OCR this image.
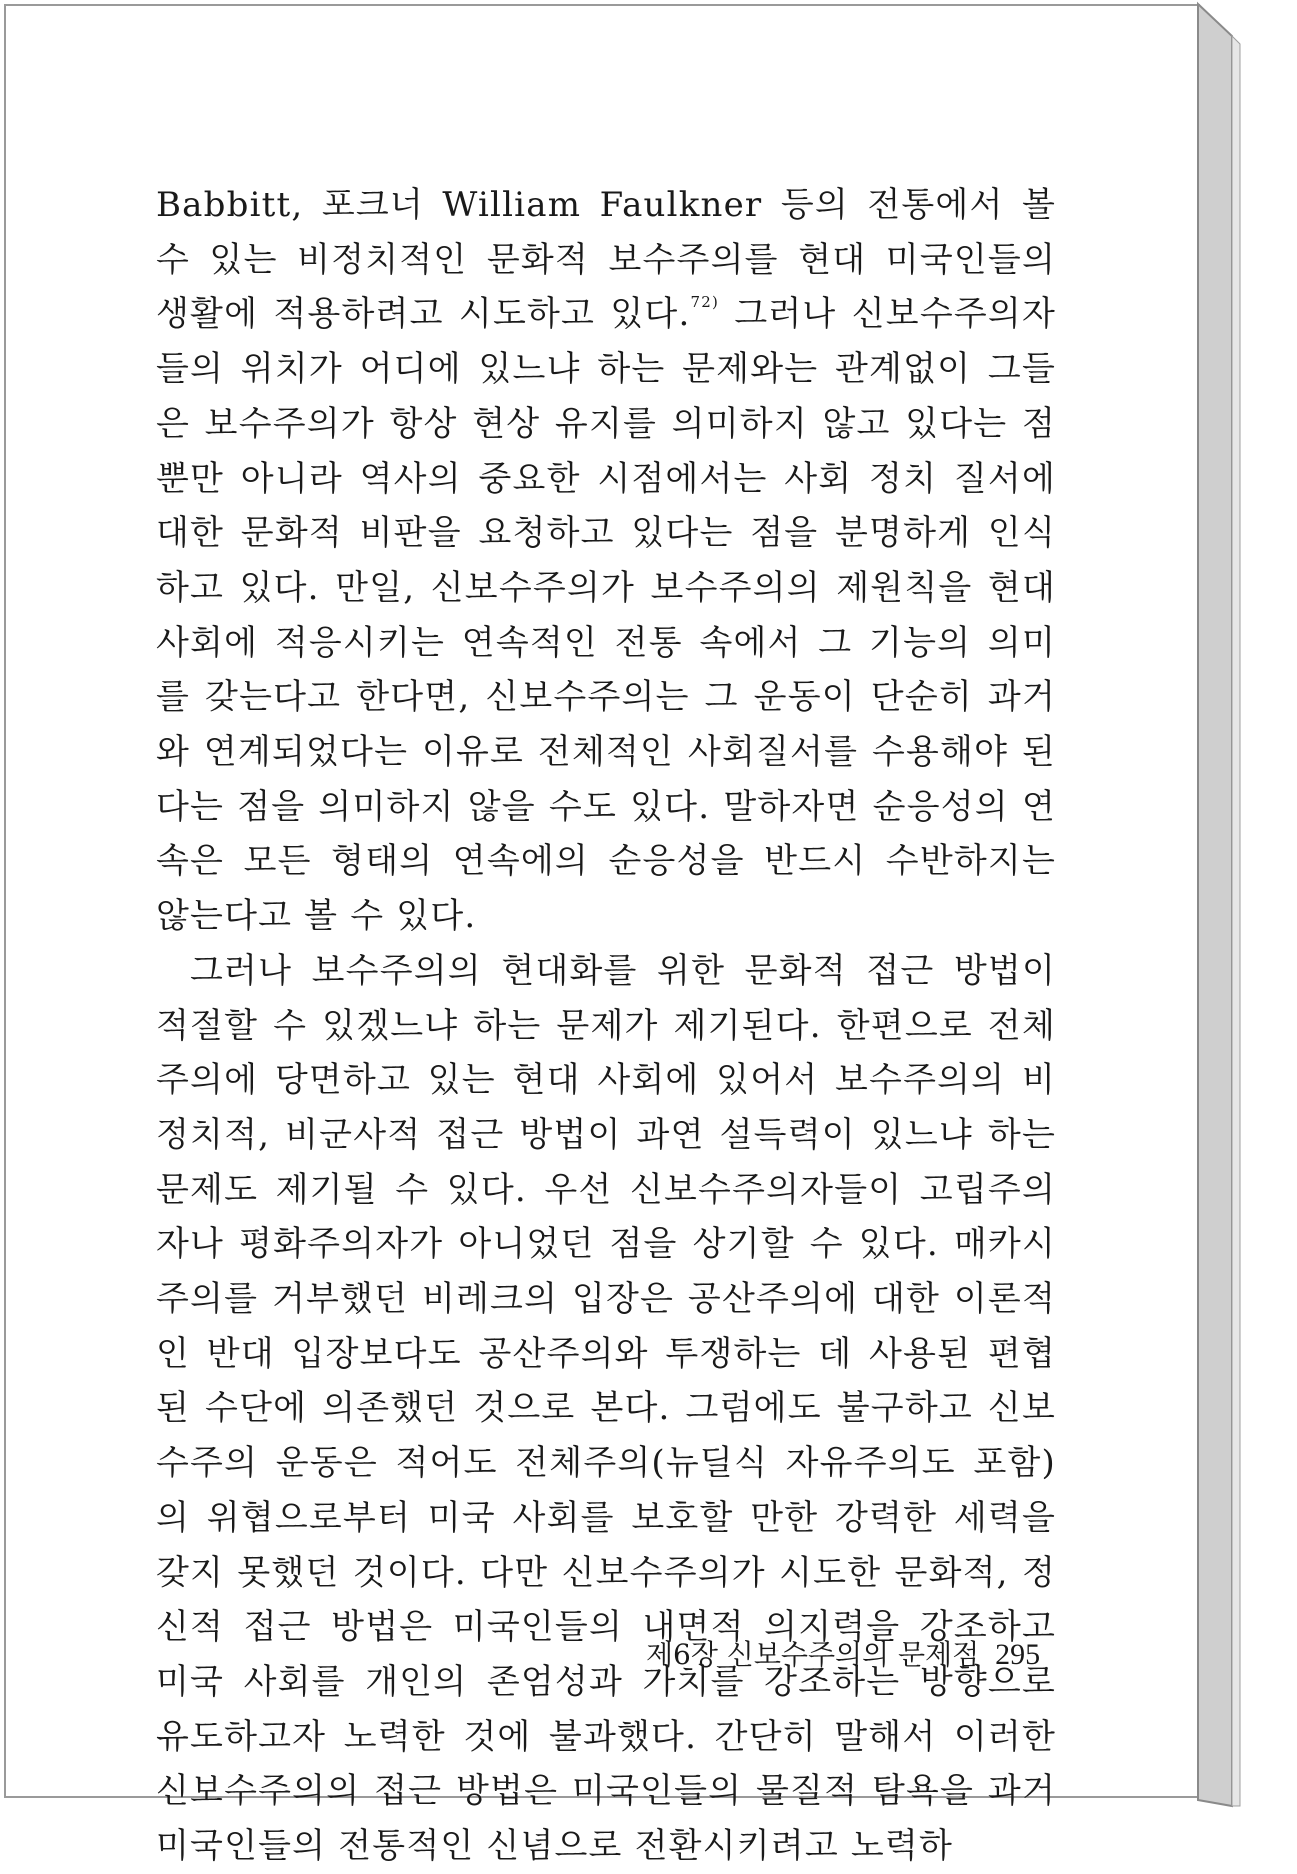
Babbitt, 포크너 William Faulkner 등의 전통에서 볼 수 있는 비정치적인 문화적 보수주의를 현대 미국인들의 생활에 적용하려고 시도하고 있다.$^{72)}$ 그러나 신보수주의자들의 위치가 어디에 있느냐 하는 문제와는 관계없이 그들은 보수주의가 항상 현상 유지를 의미하지 않고 있다는 점뿐만 아니라 역사의 중요한 시점에서는 사회 정치 질서에 대한 문화적 비판을 요청하고 있다는 점을 분명하게 인식하고 있다. 만일, 신보수주의가 보수주의의 제원칙을 현대 사회에 적응시키는 연속적인 전통 속에서 그 기능의 의미를 갖는다고 한다면, 신보수주의는 그 운동이 단순히 과거와 연계되었다는 이유로 전체적인 사회질서를 수용해야 된다는 점을 의미하지 않을 수도 있다. 말하자면 순응성의 연속은 모든 형태의 연속에의 순응성을 반드시 수반하지는 않는다고 볼 수 있다.

그러나 보수주의의 현대화를 위한 문화적 접근 방법이 적절할 수 있겠느냐 하는 문제가 제기된다. 한편으로 전체주의에 당면하고 있는 현대 사회에 있어서 보수주의의 비정치적, 비군사적 접근 방법이 과연 설득력이 있느냐 하는 문제도 제기될 수 있다. 우선 신보수주의자들이 고립주의자나 평화주의자가 아니었던 점을 상기할 수 있다. 매카시주의를 거부했던 비레크의 입장은 공산주의에 대한 이론적인 반대 입장보다도 공산주의와 투쟁하는 데 사용된 편협된 수단에 의존했던 것으로 본다. 그럼에도 불구하고 신보수주의 운동은 적어도 전체주의(뉴딜식 자유주의도 포함)의 위협으로부터 미국 사회를 보호할 만한 강력한 세력을 갖지 못했던 것이다. 다만 신보수주의가 시도한 문화적, 정신적 접근 방법은 미국인들의 내면적 의지력을 강조하고 미국 사회를 개인의 존엄성과 가치를 강조하는 방향으로 유도하고자 노력한 것에 불과했다. 간단히 말해서 이러한 신보수주의의 접근 방법은 미국인들의 물질적 탐욕을 과거 미국인들의 전통적인 신념으로 전환시키려고 노력하

제6장 신보수주의의 문제점 295
